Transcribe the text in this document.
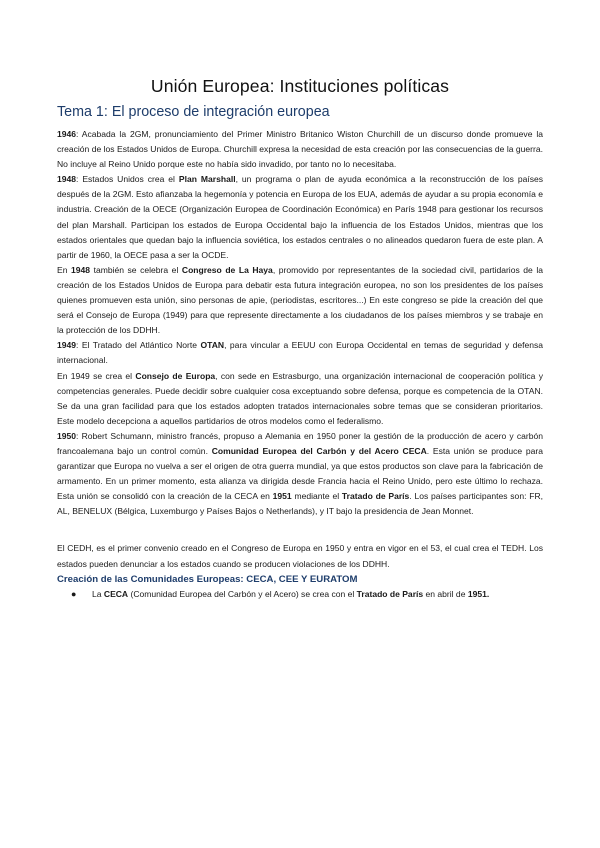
Unión Europea: Instituciones políticas
Tema 1: El proceso de integración europea

1946: Acabada la 2GM, pronunciamiento del Primer Ministro Britanico Wiston Churchill de un discurso donde promueve la creación de los Estados Unidos de Europa. Churchill expresa la necesidad de esta creación por las consecuencias de la guerra. No incluye al Reino Unido porque este no había sido invadido, por tanto no lo necesitaba.

1948: Estados Unidos crea el Plan Marshall, un programa o plan de ayuda económica a la reconstrucción de los países después de la 2GM. Esto afianzaba la hegemonía y potencia en Europa de los EUA, además de ayudar a su propia economía e industria. Creación de la OECE (Organización Europea de Coordinación Económica) en París 1948 para gestionar los recursos del plan Marshall. Participan los estados de Europa Occidental bajo la influencia de los Estados Unidos, mientras que los estados orientales que quedan bajo la influencia soviética, los estados centrales o no alineados quedaron fuera de este plan. A partir de 1960, la OECE pasa a ser la OCDE.

En 1948 también se celebra el Congreso de La Haya, promovido por representantes de la sociedad civil, partidarios de la creación de los Estados Unidos de Europa para debatir esta futura integración europea, no son los presidentes de los países quienes promueven esta unión, sino personas de apie, (periodistas, escritores...) En este congreso se pide la creación del que será el Consejo de Europa (1949) para que represente directamente a los ciudadanos de los países miembros y se trabaje en la protección de los DDHH.

1949: El Tratado del Atlántico Norte OTAN, para vincular a EEUU con Europa Occidental en temas de seguridad y defensa internacional.

En 1949 se crea el Consejo de Europa, con sede en Estrasburgo, una organización internacional de cooperación política y competencias generales. Puede decidir sobre cualquier cosa exceptuando sobre defensa, porque es competencia de la OTAN. Se da una gran facilidad para que los estados adopten tratados internacionales sobre temas que se consideran prioritarios. Este modelo decepciona a aquellos partidarios de otros modelos como el federalismo.

1950: Robert Schumann, ministro francés, propuso a Alemania en 1950 poner la gestión de la producción de acero y carbón francoalemana bajo un control común. Comunidad Europea del Carbón y del Acero CECA. Esta unión se produce para garantizar que Europa no vuelva a ser el origen de otra guerra mundial, ya que estos productos son clave para la fabricación de armamento. En un primer momento, esta alianza va dirigida desde Francia hacia el Reino Unido, pero este último lo rechaza. Esta unión se consolidó con la creación de la CECA en 1951 mediante el Tratado de París. Los países participantes son: FR, AL, BENELUX (Bélgica, Luxemburgo y Países Bajos o Netherlands), y IT bajo la presidencia de Jean Monnet.

El CEDH, es el primer convenio creado en el Congreso de Europa en 1950 y entra en vigor en el 53, el cual crea el TEDH. Los estados pueden denunciar a los estados cuando se producen violaciones de los DDHH.

Creación de las Comunidades Europeas: CECA, CEE Y EURATOM

● La CECA (Comunidad Europea del Carbón y el Acero) se crea con el Tratado de París en abril de 1951.
